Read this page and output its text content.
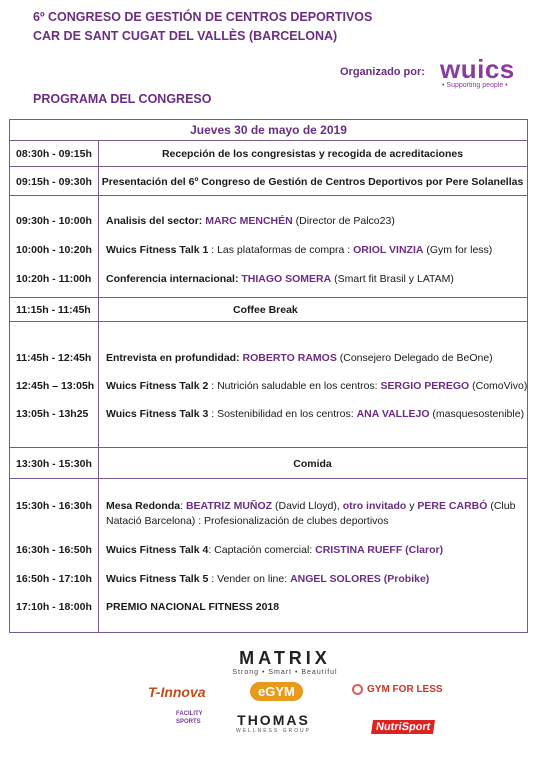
6º CONGRESO DE GESTIÓN DE CENTROS DEPORTIVOS
CAR DE SANT CUGAT DEL VALLÈS (BARCELONA)
Organizado por: wuics
• Supporting people •
PROGRAMA DEL CONGRESO
Jueves 30 de mayo de 2019
08:30h - 09:15h	Recepción de los congresistas y recogida de acreditaciones
09:15h - 09:30h Presentación del 6º Congreso de Gestión de Centros Deportivos por Pere Solanellas
09:30h - 10:00h Analisis del sector: MARC MENCHÉN (Director de Palco23)
10:00h - 10:20h Wuics Fitness Talk 1 : Las plataformas de compra : ORIOL VINZIA (Gym for less)
10:20h - 11:00h Conferencia internacional: THIAGO SOMERA (Smart fit Brasil y LATAM)
11:15h - 11:45h	Coffee Break
11:45h - 12:45h Entrevista en profundidad: ROBERTO RAMOS (Consejero Delegado de BeOne)
12:45h – 13:05h Wuics Fitness Talk 2 : Nutrición saludable en los centros: SERGIO PEREGO (ComoVivo)
13:05h - 13h25 Wuics Fitness Talk 3 : Sostenibilidad en los centros: ANA VALLEJO (masquesostenible)
13:30h - 15:30h	Comida
15:30h - 16:30h Mesa Redonda: BEATRIZ MUÑOZ (David Lloyd), otro invitado y PERE CARBÓ (Club
Natació Barcelona) : Profesionalización de clubes deportivos
16:30h - 16:50h Wuics Fitness Talk 4: Captación comercial: CRISTINA RUEFF (Claror)
16:50h - 17:10h Wuics Fitness Talk 5 : Vender on line: ANGEL SOLORES (Probike)
17:10h - 18:00h PREMIO NACIONAL FITNESS 2018
MATRIX
Strong • Smart • Beautiful
T-Innova	eGYM	GYM FOR LESS
FACILITY SPORTS	THOMAS
WELLNESS GROUP	NutriSport
